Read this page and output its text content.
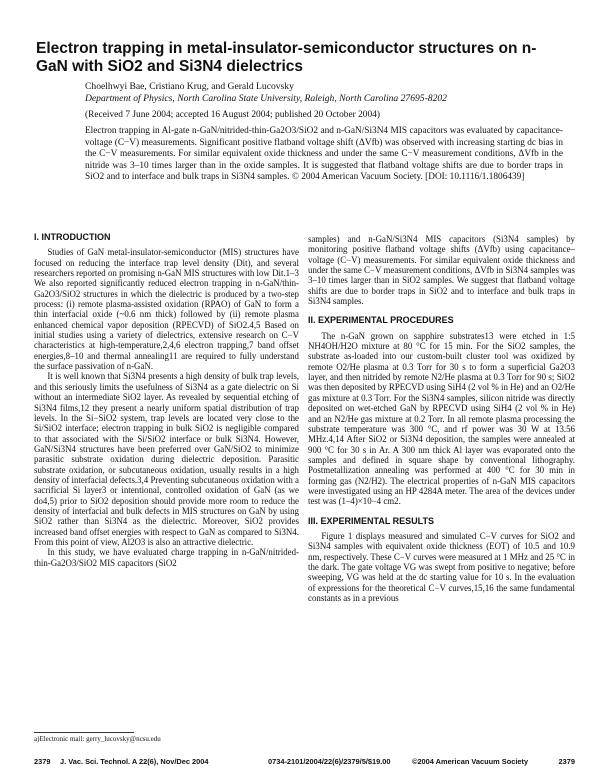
Electron trapping in metal-insulator-semiconductor structures on n-GaN with SiO2 and Si3N4 dielectrics
Choelhwyi Bae, Cristiano Krug, and Gerald Lucovsky
Department of Physics, North Carolina State University, Raleigh, North Carolina 27695-8202
(Received 7 June 2004; accepted 16 August 2004; published 20 October 2004)

Electron trapping in Al-gate n-GaN/nitrided-thin-Ga2O3/SiO2 and n-GaN/Si3N4 MIS capacitors was evaluated by capacitance-voltage (C−V) measurements. Significant positive flatband voltage shift (ΔVfb) was observed with increasing starting dc bias in the C−V measurements. For similar equivalent oxide thickness and under the same C−V measurement conditions, ΔVfb in the nitride was 3–10 times larger than in the oxide samples. It is suggested that flatband voltage shifts are due to border traps in SiO2 and to interface and bulk traps in Si3N4 samples. © 2004 American Vacuum Society. [DOI: 10.1116/1.1806439]

I. INTRODUCTION

Studies of GaN metal-insulator-semiconductor (MIS) structures have focused on reducing the interface trap level density (Dit), and several researchers reported on promising n-GaN MIS structures with low Dit.1–3 We also reported significantly reduced electron trapping in n-GaN/thin-Ga2O3/SiO2 structures in which the dielectric is produced by a two-step process: (i) remote plasma-assisted oxidation (RPAO) of GaN to form a thin interfacial oxide (~0.6 nm thick) followed by (ii) remote plasma enhanced chemical vapor deposition (RPECVD) of SiO2.4,5 Based on initial studies using a variety of dielectrics, extensive research on C−V characteristics at high-temperature,2,4,6 electron trapping,7 band offset energies,8–10 and thermal annealing11 are required to fully understand the surface passivation of n-GaN.

It is well known that Si3N4 presents a high density of bulk trap levels, and this seriously limits the usefulness of Si3N4 as a gate dielectric on Si without an intermediate SiO2 layer. As revealed by sequential etching of Si3N4 films,12 they present a nearly uniform spatial distribution of trap levels. In the Si−SiO2 system, trap levels are located very close to the Si/SiO2 interface; electron trapping in bulk SiO2 is negligible compared to that associated with the Si/SiO2 interface or bulk Si3N4. However, GaN/Si3N4 structures have been preferred over GaN/SiO2 to minimize parasitic substrate oxidation during dielectric deposition. Parasitic substrate oxidation, or subcutaneous oxidation, usually results in a high density of interfacial defects.3,4 Preventing subcutaneous oxidation with a sacrificial Si layer3 or intentional, controlled oxidation of GaN (as we do4,5) prior to SiO2 deposition should provide more room to reduce the density of interfacial and bulk defects in MIS structures on GaN by using SiO2 rather than Si3N4 as the dielectric. Moreover, SiO2 provides increased band offset energies with respect to GaN as compared to Si3N4. From this point of view, Al2O3 is also an attractive dielectric.

In this study, we have evaluated charge trapping in n-GaN/nitrided-thin-Ga2O3/SiO2 MIS capacitors (SiO2

samples) and n-GaN/Si3N4 MIS capacitors (Si3N4 samples) by monitoring positive flatband voltage shifts (ΔVfb) using capacitance–voltage (C−V) measurements. For similar equivalent oxide thickness and under the same C−V measurement conditions, ΔVfb in Si3N4 samples was 3–10 times larger than in SiO2 samples. We suggest that flatband voltage shifts are due to border traps in SiO2 and to interface and bulk traps in Si3N4 samples.

II. EXPERIMENTAL PROCEDURES

The n-GaN grown on sapphire substrates13 were etched in 1:5 NH4OH/H2O mixture at 80 °C for 15 min. For the SiO2 samples, the substrate as-loaded into our custom-built cluster tool was oxidized by remote O2/He plasma at 0.3 Torr for 30 s to form a superficial Ga2O3 layer, and then nitrided by remote N2/He plasma at 0.3 Torr for 90 s; SiO2 was then deposited by RPECVD using SiH4 (2 vol % in He) and an O2/He gas mixture at 0.3 Torr. For the Si3N4 samples, silicon nitride was directly deposited on wet-etched GaN by RPECVD using SiH4 (2 vol % in He) and an N2/He gas mixture at 0.2 Torr. In all remote plasma processing the substrate temperature was 300 °C, and rf power was 30 W at 13.56 MHz.4,14 After SiO2 or Si3N4 deposition, the samples were annealed at 900 °C for 30 s in Ar. A 300 nm thick Al layer was evaporated onto the samples and defined in square shape by conventional lithography. Postmetallization annealing was performed at 400 °C for 30 min in forming gas (N2/H2). The electrical properties of n-GaN MIS capacitors were investigated using an HP 4284A meter. The area of the devices under test was (1–4)×10−4 cm2.

III. EXPERIMENTAL RESULTS

Figure 1 displays measured and simulated C−V curves for SiO2 and Si3N4 samples with equivalent oxide thickness (EOT) of 10.5 and 10.9 nm, respectively. These C−V curves were measured at 1 MHz and 25 °C in the dark. The gate voltage VG was swept from positive to negative; before sweeping, VG was held at the dc starting value for 10 s. In the evaluation of expressions for the theoretical C−V curves,15,16 the same fundamental constants as in a previous

a)Electronic mail: gerry_lucovsky@ncsu.edu
2379 J. Vac. Sci. Technol. A 22(6), Nov/Dec 2004	0734-2101/2004/22(6)/2379/5/$19.00	©2004 American Vacuum Society	2379
